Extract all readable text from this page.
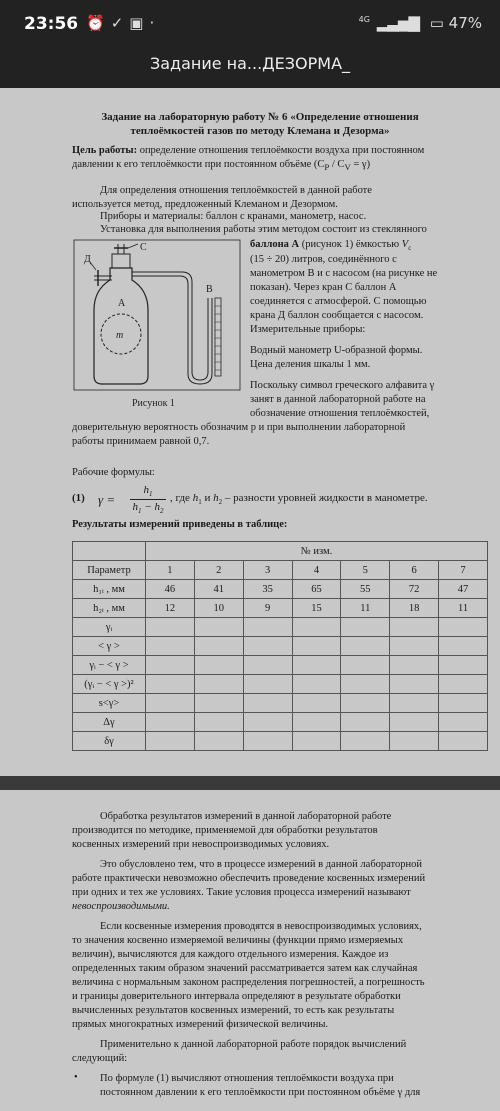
23:56 ⏰✓▣·	$^{4G}$ ▂▃▅▇ ▭ 47%
Задание на...ДЕЗОРМА_
Задание на лабораторную работу № 6 «Определение отношения
теплоёмкостей газов по методу Клемана и Дезорма»
Цель работы: определение отношения теплоёмкости воздуха при постоянном
давлении к его теплоёмкости при постоянном объёме $(C_P / C_V = \gamma)$
Для определения отношения теплоёмкостей в данной работе
используется метод, предложенный Клеманом и Дезормом.
Приборы и материалы: баллон с кранами, манометр, насос.
Установка для выполнения работы этим методом состоит из стеклянного
баллона А (рисунок 1) ёмкостью $V_c$
(15 ÷ 20) литров, соединённого с
манометром В и с насосом (на рисунке не
показан). Через кран С баллон А
соединяется с атмосферой. С помощью
крана Д баллон сообщается с насосом.
Измерительные приборы:
Водный манометр U-образной формы.
Цена деления шкалы 1 мм.
Поскольку символ греческого алфавита γ
занят в данной лабораторной работе на
обозначение отношения теплоёмкостей,
доверительную вероятность обозначим p и при выполнении лабораторной
работы принимаем равной 0,7.
С
Д
В
А
m
Рисунок 1
Рабочие формулы:
(1) γ =
$h_1$
$h_1 - h_2$
, где $h_1$ и $h_2$ – разности уровней жидкости в манометре.
Результаты измерений приведены в таблице:
	№ изм.						
Параметр	1	2	3	4	5	6	7
h₁ᵢ , мм	46	41	35	65	55	72	47
h₂ᵢ , мм	12	10	9	15	11	18	11
γᵢ							
< γ >							
γᵢ − < γ >							
(γᵢ − < γ >)²							
s<γ>							
Δγ							
δγ							
Обработка результатов измерений в данной лабораторной работе
производится по методике, применяемой для обработки результатов
косвенных измерений при невоспроизводимых условиях.
Это обусловлено тем, что в процессе измерений в данной лабораторной
работе практически невозможно обеспечить проведение косвенных измерений
при одних и тех же условиях. Такие условия процесса измерений называют
невоспроизводимыми.
Если косвенные измерения проводятся в невоспроизводимых условиях,
то значения косвенно измеряемой величины (функции прямо измеряемых
величин), вычисляются для каждого отдельного измерения. Каждое из
определенных таким образом значений рассматривается затем как случайная
величина с нормальным законом распределения погрешностей, а погрешность
и границы доверительного интервала определяют в результате обработки
вычисленных результатов косвенных измерений, то есть как результаты
прямых многократных измерений физической величины.
Применительно к данной лабораторной работе порядок вычислений
следующий:
• По формуле (1) вычисляют отношения теплоёмкости воздуха при
постоянном давлении к его теплоёмкости при постоянном объёме γ для
